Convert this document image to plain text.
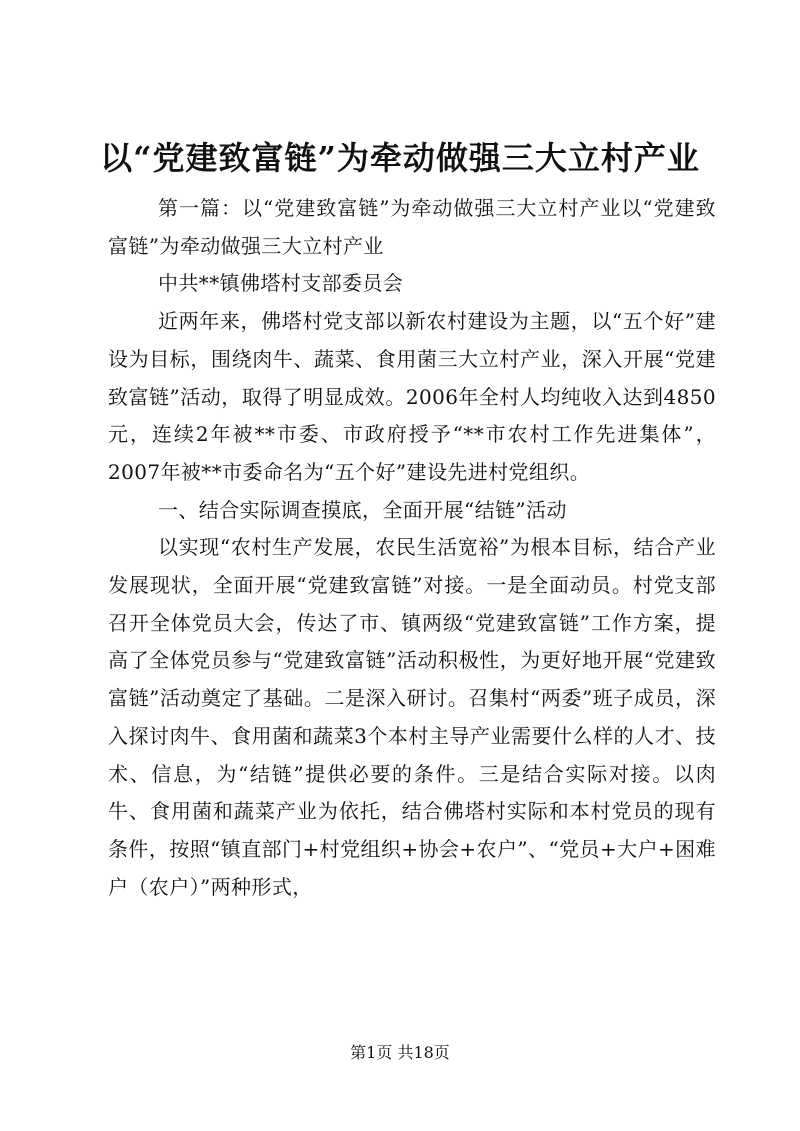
以“党建致富链”为牵动做强三大立村产业

第一篇：以“党建致富链”为牵动做强三大立村产业以“党建致富链”为牵动做强三大立村产业

中共**镇佛塔村支部委员会

近两年来，佛塔村党支部以新农村建设为主题，以“五个好”建设为目标，围绕肉牛、蔬菜、食用菌三大立村产业，深入开展“党建致富链”活动，取得了明显成效。2006年全村人均纯收入达到4850元，连续2年被**市委、市政府授予“**市农村工作先进集体”，2007年被**市委命名为“五个好”建设先进村党组织。

一、结合实际调查摸底，全面开展“结链”活动

以实现“农村生产发展，农民生活宽裕”为根本目标，结合产业发展现状，全面开展“党建致富链”对接。一是全面动员。村党支部召开全体党员大会，传达了市、镇两级“党建致富链”工作方案，提高了全体党员参与“党建致富链”活动积极性，为更好地开展“党建致富链”活动奠定了基础。二是深入研讨。召集村“两委”班子成员，深入探讨肉牛、食用菌和蔬菜3个本村主导产业需要什么样的人才、技术、信息，为“结链”提供必要的条件。三是结合实际对接。以肉牛、食用菌和蔬菜产业为依托，结合佛塔村实际和本村党员的现有条件，按照“镇直部门+村党组织+协会+农户”、“党员+大户+困难户（农户）”两种形式，

第1页 共18页
